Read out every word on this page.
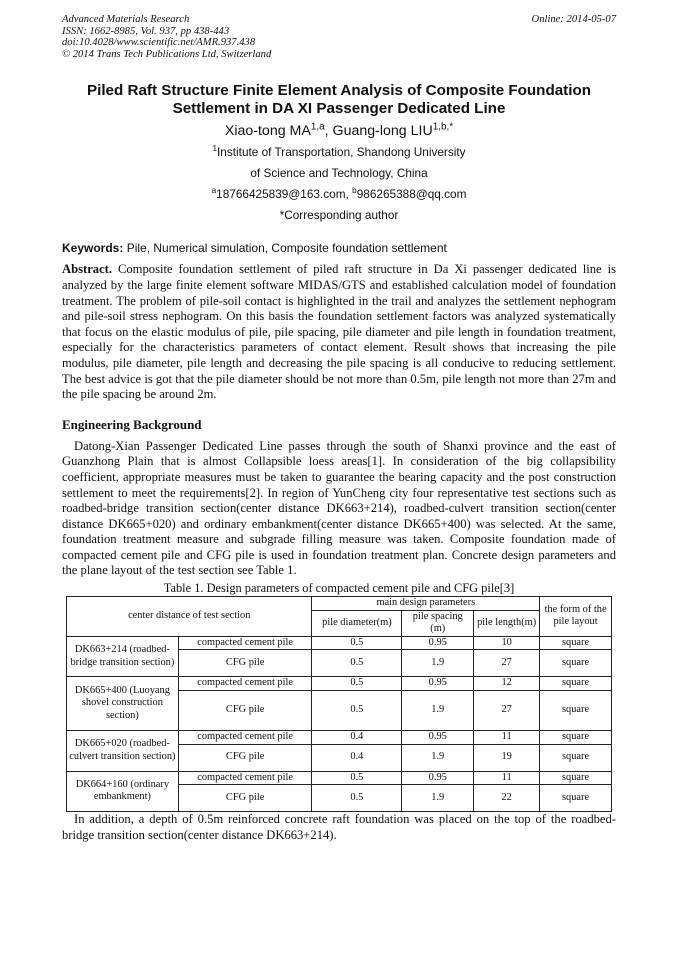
Advanced Materials Research
ISSN: 1662-8985, Vol. 937, pp 438-443
doi:10.4028/www.scientific.net/AMR.937.438
© 2014 Trans Tech Publications Ltd, Switzerland
Online: 2014-05-07
Piled Raft Structure Finite Element Analysis of Composite Foundation
Settlement in DA XI Passenger Dedicated Line
Xiao-tong MA$^{1,a}$, Guang-long $LIU^{1,b,*}$
$^1$Institute of Transportation, Shandong University
of Science and Technology, China
$^a$18766425839@163.com, $^b$986265388@qq.com
*Corresponding author
Keywords: Pile, Numerical simulation, Composite foundation settlement

Abstract. Composite foundation settlement of piled raft structure in Da Xi passenger dedicated line is analyzed by the large finite element software MIDAS/GTS and established calculation model of foundation treatment. The problem of pile-soil contact is highlighted in the trail and analyzes the settlement nephogram and pile-soil stress nephogram. On this basis the foundation settlement factors was analyzed systematically that focus on the elastic modulus of pile, pile spacing, pile diameter and pile length in foundation treatment, especially for the characteristics parameters of contact element. Result shows that increasing the pile modulus, pile diameter, pile length and decreasing the pile spacing is all conducive to reducing settlement. The best advice is got that the pile diameter should be not more than 0.5m, pile length not more than 27m and the pile spacing be around 2m.

Engineering Background

Datong-Xian Passenger Dedicated Line passes through the south of Shanxi province and the east of Guanzhong Plain that is almost Collapsible loess areas[1]. In consideration of the big collapsibility coefficient, appropriate measures must be taken to guarantee the bearing capacity and the post construction settlement to meet the requirements[2]. In region of YunCheng city four representative test sections such as roadbed-bridge transition section(center distance DK663+214), roadbed-culvert transition section(center distance DK665+020) and ordinary embankment(center distance DK665+400) was selected. At the same, foundation treatment measure and subgrade filling measure was taken. Composite foundation made of compacted cement pile and CFG pile is used in foundation treatment plan. Concrete design parameters and the plane layout of the test section see Table 1.

Table 1. Design parameters of compacted cement pile and CFG pile[3]
center distance of test section		main design parameters			the form of the pile layout
		pile diameter(m)	pile spacing (m)	pile length(m)	
DK663+214 (roadbed-bridge transition section)	compacted cement pile	0.5	0.95	10	square
	CFG pile	0.5	1.9	27	square
DK665+400 (Luoyang shovel construction section)	compacted cement pile	0.5	0.95	12	square
	CFG pile	0.5	1.9	27	square
DK665+020 (roadbed-culvert transition section)	compacted cement pile	0.4	0.95	11	square
	CFG pile	0.4	1.9	19	square
DK664+160 (ordinary embankment)	compacted cement pile	0.5	0.95	11	square
	CFG pile	0.5	1.9	22	square

In addition, a depth of 0.5m reinforced concrete raft foundation was placed on the top of the roadbed-bridge transition section(center distance DK663+214).
